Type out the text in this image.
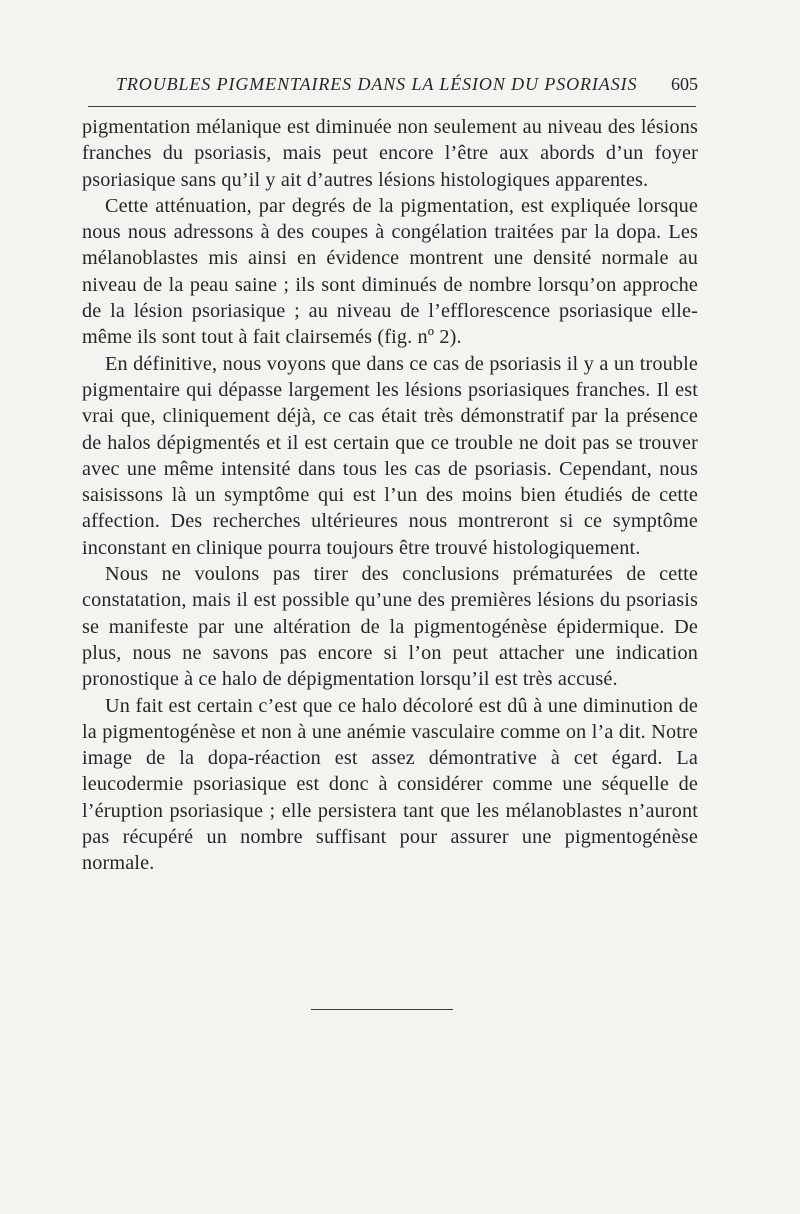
TROUBLES PIGMENTAIRES DANS LA LÉSION DU PSORIASIS 605

pigmentation mélanique est diminuée non seulement au niveau des lésions franches du psoriasis, mais peut encore l’être aux abords d’un foyer psoriasique sans qu’il y ait d’autres lésions histologiques apparentes.

Cette atténuation, par degrés de la pigmentation, est expliquée lorsque nous nous adressons à des coupes à congélation traitées par la dopa. Les mélanoblastes mis ainsi en évidence montrent une densité normale au niveau de la peau saine ; ils sont diminués de nombre lorsqu’on approche de la lésion psoriasique ; au niveau de l’efflorescence psoriasique elle-même ils sont tout à fait clairsemés (fig. nº 2).

En définitive, nous voyons que dans ce cas de psoriasis il y a un trouble pigmentaire qui dépasse largement les lésions psoriasiques franches. Il est vrai que, cliniquement déjà, ce cas était très démonstratif par la présence de halos dépigmentés et il est certain que ce trouble ne doit pas se trouver avec une même intensité dans tous les cas de psoriasis. Cependant, nous saisissons là un symptôme qui est l’un des moins bien étudiés de cette affection. Des recherches ultérieures nous montreront si ce symptôme inconstant en clinique pourra toujours être trouvé histologiquement.

Nous ne voulons pas tirer des conclusions prématurées de cette constatation, mais il est possible qu’une des premières lésions du psoriasis se manifeste par une altération de la pigmentogénèse épidermique. De plus, nous ne savons pas encore si l’on peut attacher une indication pronostique à ce halo de dépigmentation lorsqu’il est très accusé.

Un fait est certain c’est que ce halo décoloré est dû à une diminution de la pigmentogénèse et non à une anémie vasculaire comme on l’a dit. Notre image de la dopa-réaction est assez démontrative à cet égard. La leucodermie psoriasique est donc à considérer comme une séquelle de l’éruption psoriasique ; elle persistera tant que les mélanoblastes n’auront pas récupéré un nombre suffisant pour assurer une pigmentogénèse normale.
